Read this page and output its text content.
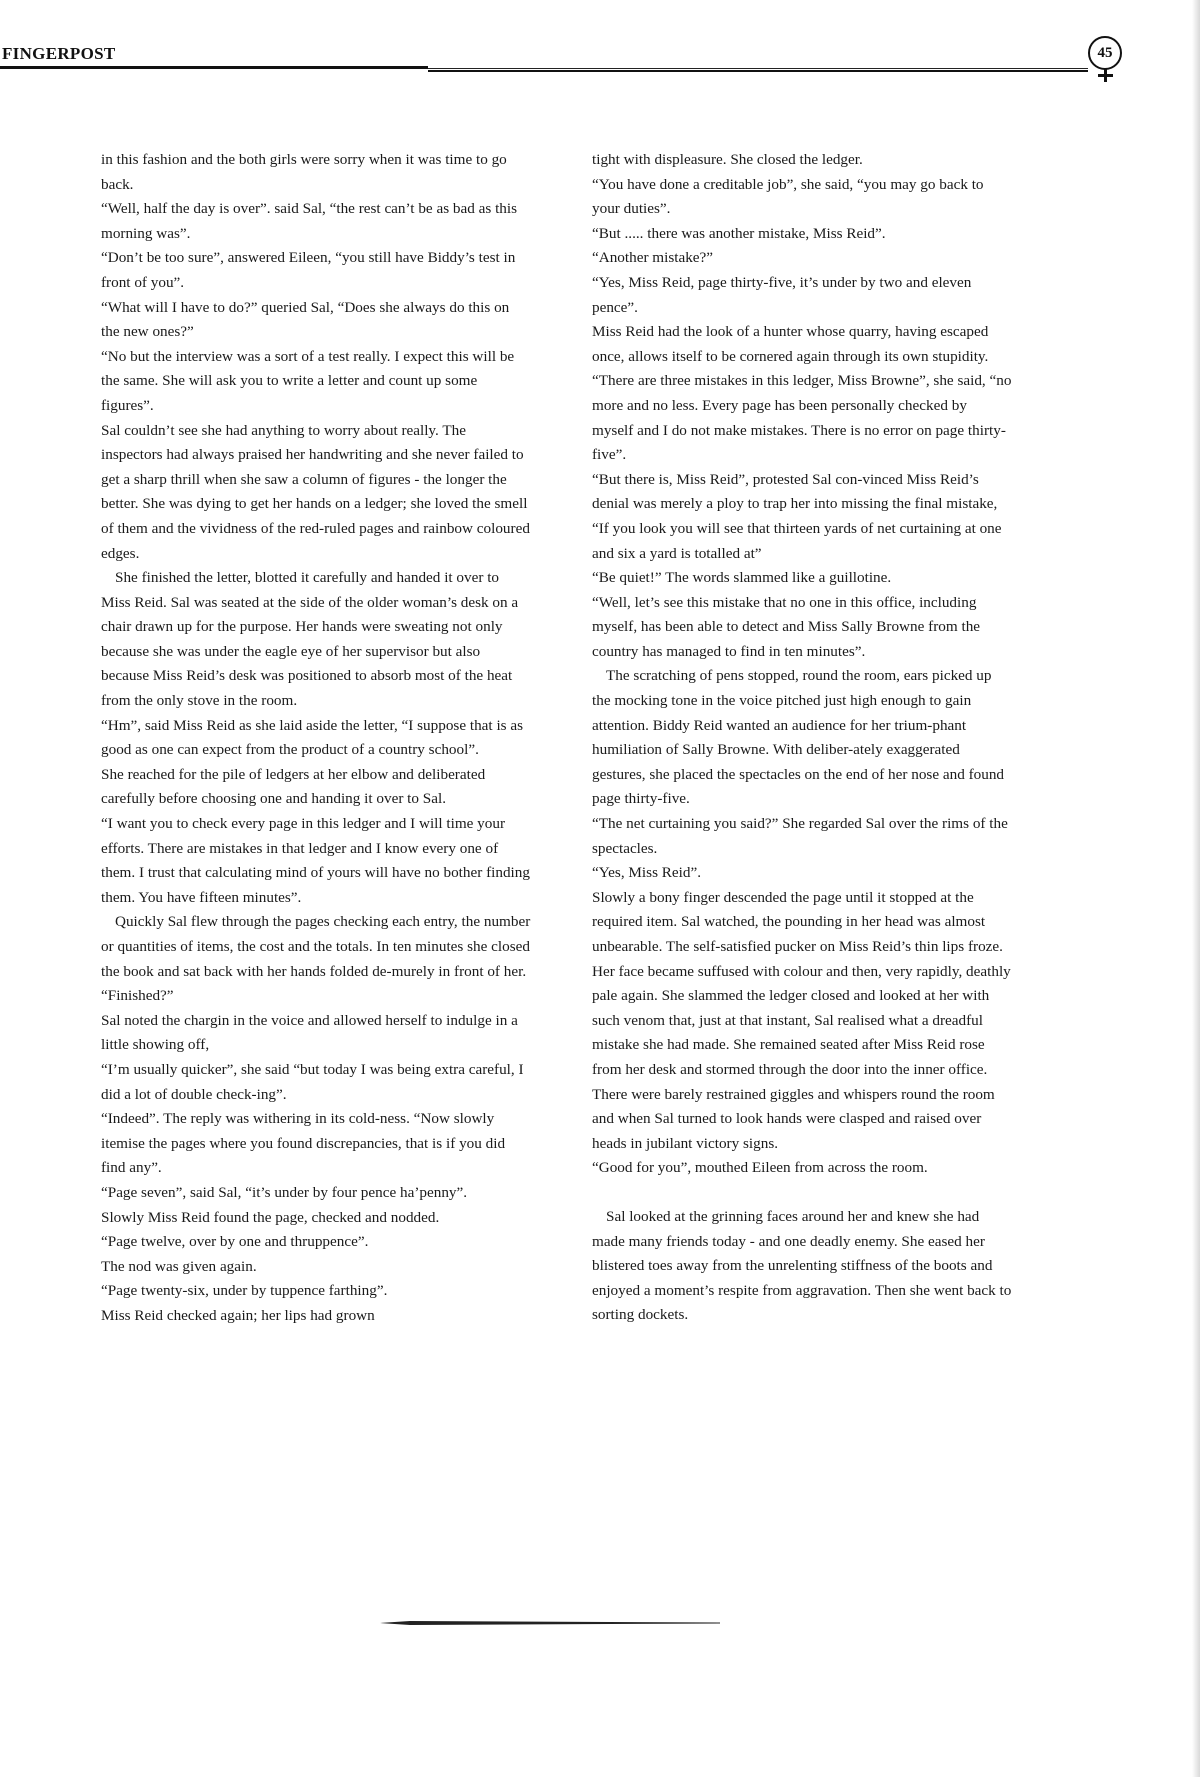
FINGERPOST	45

in this fashion and the both girls were sorry when it was time to go back.

“Well, half the day is over”. said Sal, “the rest can’t be as bad as this morning was”.

“Don’t be too sure”, answered Eileen, “you still have Biddy’s test in front of you”.

“What will I have to do?” queried Sal, “Does she always do this on the new ones?”

“No but the interview was a sort of a test really. I expect this will be the same. She will ask you to write a letter and count up some figures”.

Sal couldn’t see she had anything to worry about really. The inspectors had always praised her handwriting and she never failed to get a sharp thrill when she saw a column of figures - the longer the better. She was dying to get her hands on a ledger; she loved the smell of them and the vividness of the red-ruled pages and rainbow coloured edges.

She finished the letter, blotted it carefully and handed it over to Miss Reid. Sal was seated at the side of the older woman’s desk on a chair drawn up for the purpose. Her hands were sweating not only because she was under the eagle eye of her supervisor but also because Miss Reid’s desk was positioned to absorb most of the heat from the only stove in the room.

“Hm”, said Miss Reid as she laid aside the letter, “I suppose that is as good as one can expect from the product of a country school”.

She reached for the pile of ledgers at her elbow and deliberated carefully before choosing one and handing it over to Sal.

“I want you to check every page in this ledger and I will time your efforts. There are mistakes in that ledger and I know every one of them. I trust that calculating mind of yours will have no bother finding them. You have fifteen minutes”.

Quickly Sal flew through the pages checking each entry, the number or quantities of items, the cost and the totals. In ten minutes she closed the book and sat back with her hands folded de-murely in front of her.

“Finished?”

Sal noted the chargin in the voice and allowed herself to indulge in a little showing off,

“I’m usually quicker”, she said “but today I was being extra careful, I did a lot of double check-ing”.

“Indeed”. The reply was withering in its cold-ness. “Now slowly itemise the pages where you found discrepancies, that is if you did find any”.

“Page seven”, said Sal, “it’s under by four pence ha’penny”.

Slowly Miss Reid found the page, checked and nodded.

“Page twelve, over by one and thruppence”.

The nod was given again.

“Page twenty-six, under by tuppence farthing”.

Miss Reid checked again; her lips had grown

tight with displeasure. She closed the ledger.

“You have done a creditable job”, she said, “you may go back to your duties”.

“But ..... there was another mistake, Miss Reid”.

“Another mistake?”

“Yes, Miss Reid, page thirty-five, it’s under by two and eleven pence”.

Miss Reid had the look of a hunter whose quarry, having escaped once, allows itself to be cornered again through its own stupidity.

“There are three mistakes in this ledger, Miss Browne”, she said, “no more and no less. Every page has been personally checked by myself and I do not make mistakes. There is no error on page thirty-five”.

“But there is, Miss Reid”, protested Sal con-vinced Miss Reid’s denial was merely a ploy to trap her into missing the final mistake,

“If you look you will see that thirteen yards of net curtaining at one and six a yard is totalled at”

“Be quiet!” The words slammed like a guillotine.

“Well, let’s see this mistake that no one in this office, including myself, has been able to detect and Miss Sally Browne from the country has managed to find in ten minutes”.

The scratching of pens stopped, round the room, ears picked up the mocking tone in the voice pitched just high enough to gain attention. Biddy Reid wanted an audience for her trium-phant humiliation of Sally Browne. With deliber-ately exaggerated gestures, she placed the spectacles on the end of her nose and found page thirty-five.

“The net curtaining you said?” She regarded Sal over the rims of the spectacles.

“Yes, Miss Reid”.

Slowly a bony finger descended the page until it stopped at the required item. Sal watched, the pounding in her head was almost unbearable. The self-satisfied pucker on Miss Reid’s thin lips froze. Her face became suffused with colour and then, very rapidly, deathly pale again. She slammed the ledger closed and looked at her with such venom that, just at that instant, Sal realised what a dreadful mistake she had made. She remained seated after Miss Reid rose from her desk and stormed through the door into the inner office. There were barely restrained giggles and whispers round the room and when Sal turned to look hands were clasped and raised over heads in jubilant victory signs.

“Good for you”, mouthed Eileen from across the room.

Sal looked at the grinning faces around her and knew she had made many friends today - and one deadly enemy. She eased her blistered toes away from the unrelenting stiffness of the boots and enjoyed a moment’s respite from aggravation. Then she went back to sorting dockets.
